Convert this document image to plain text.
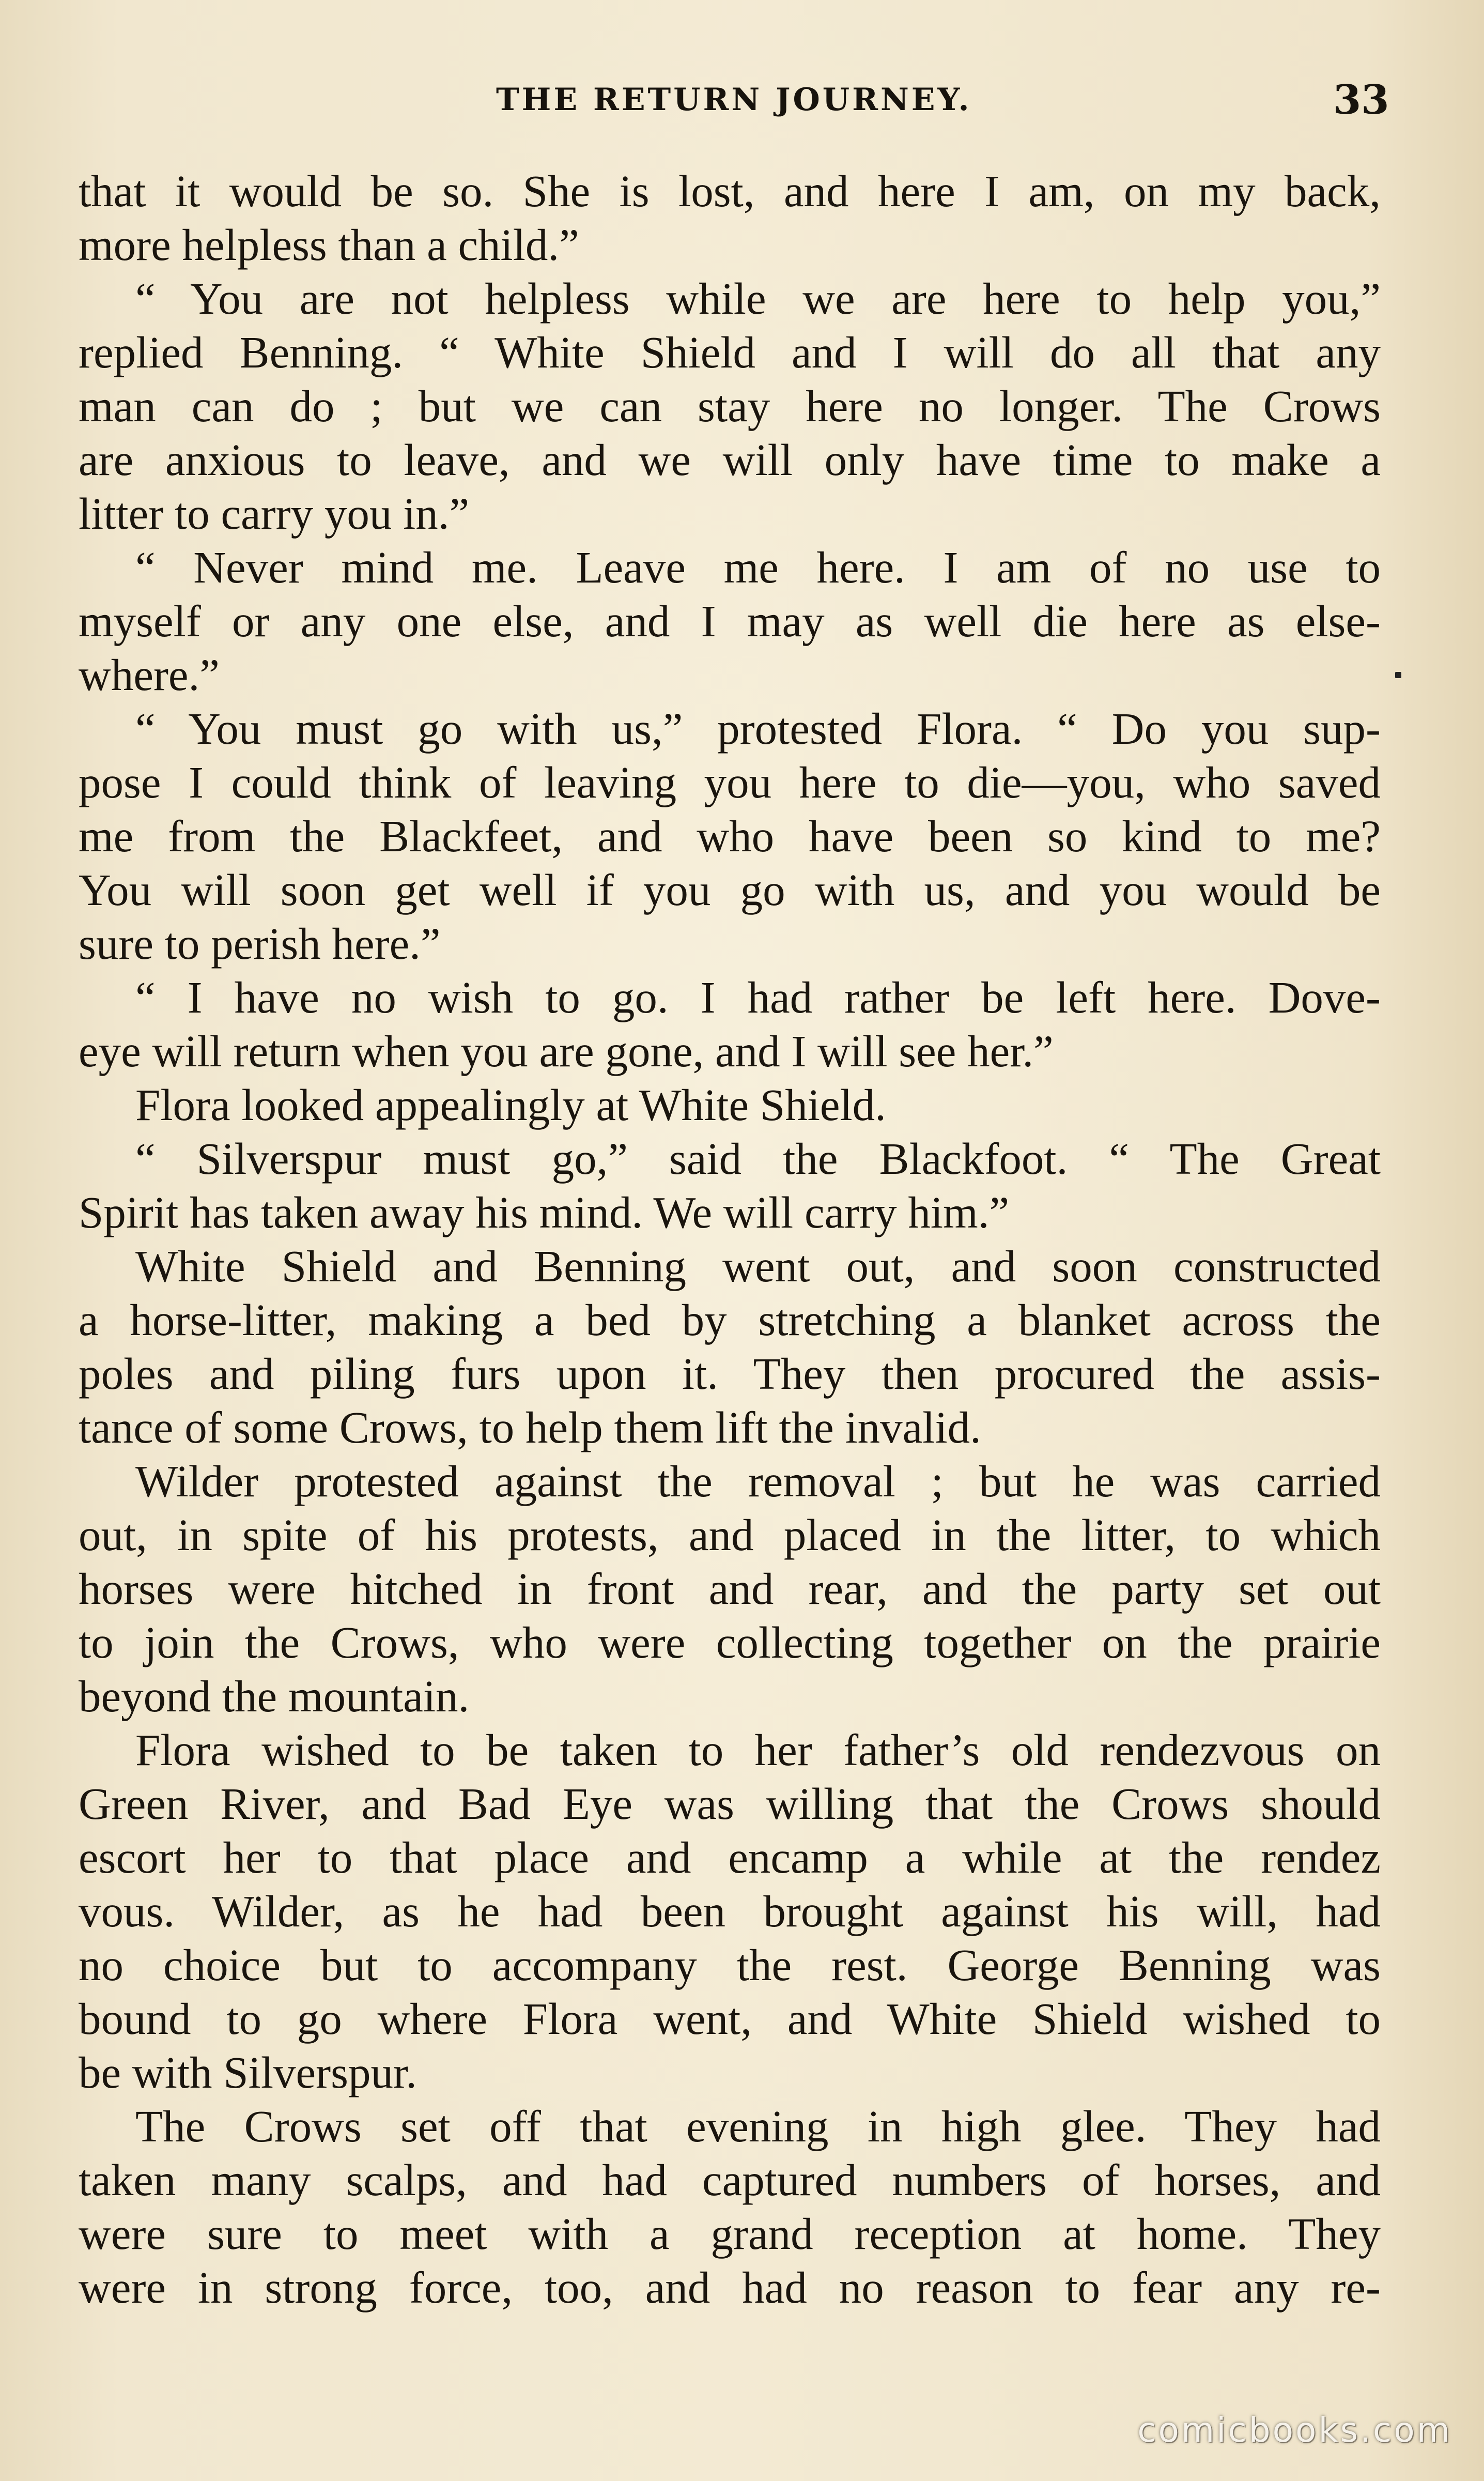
THE RETURN JOURNEY.	33
that it would be so. She is lost, and here I am, on my back,
more helpless than a child.”
“ You are not helpless while we are here to help you,”
replied Benning. “ White Shield and I will do all that any
man can do ; but we can stay here no longer. The Crows
are anxious to leave, and we will only have time to make a
litter to carry you in.”
“ Never mind me. Leave me here. I am of no use to
myself or any one else, and I may as well die here as else-
where.”
“ You must go with us,” protested Flora. “ Do you sup-
pose I could think of leaving you here to die—you, who saved
me from the Blackfeet, and who have been so kind to me?
You will soon get well if you go with us, and you would be
sure to perish here.”
“ I have no wish to go. I had rather be left here. Dove-
eye will return when you are gone, and I will see her.”
Flora looked appealingly at White Shield.
“ Silverspur must go,” said the Blackfoot. “ The Great
Spirit has taken away his mind. We will carry him.”
White Shield and Benning went out, and soon constructed
a horse-litter, making a bed by stretching a blanket across the
poles and piling furs upon it. They then procured the assis-
tance of some Crows, to help them lift the invalid.
Wilder protested against the removal ; but he was carried
out, in spite of his protests, and placed in the litter, to which
horses were hitched in front and rear, and the party set out
to join the Crows, who were collecting together on the prairie
beyond the mountain.
Flora wished to be taken to her father’s old rendezvous on
Green River, and Bad Eye was willing that the Crows should
escort her to that place and encamp a while at the rendez
vous. Wilder, as he had been brought against his will, had
no choice but to accompany the rest. George Benning was
bound to go where Flora went, and White Shield wished to
be with Silverspur.
The Crows set off that evening in high glee. They had
taken many scalps, and had captured numbers of horses, and
were sure to meet with a grand reception at home. They
were in strong force, too, and had no reason to fear any re-
comicbooks.com
